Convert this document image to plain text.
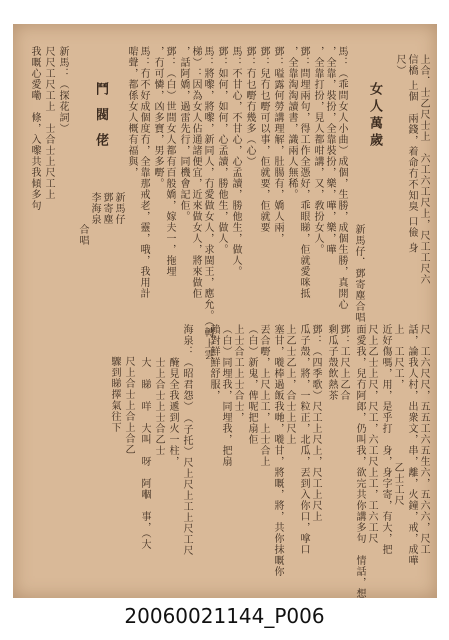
上合．士乙尺士上　六工六工尺上，尺工工尺六
信橋 上個　兩錢，着命冇不知臭 口儉 身
尺）
女人萬歲
新馬仔．鄧寄塵合唱
馬：（乖問女人小曲）成個，生勝，成個生勝，真開心
，全靠，裝扮，全靠裝扮，樂，嘩，樂，嘩
，全靠打扮，見人都咁講，又，敎扮女人。
鄧：問埋兩句，得工作全憑好，乖眼睇，佢就愛咪抵
，全靠淘淘讀書，識兩人無稀。
鄧：嗌露何勞講理解，肚腸有，嬌人兩，
鄧：兒冇乜嘢可以事，佢就要，佢就要
鄧：冇乜嘢冇幾多（心）
馬：不甘心，不甘心，心孟讀，勝他生，做人。
鄧：如何，如何，心孟讀，勝他生，做人。
馬：將嚟，將嚟，新同人，冇愛做女人，求閩王，應允。（轉上雲
梯）：因為女人佔通諸便宜，近來做女人，將來做佢
，話阿嬌，過雷先行，同機會記佢。
鄧：（白）世間女人都有百般嬌，嫁夫一，拖埋
，冇可憐，凶多寶，男多嘢。
馬：冇不好成個度冇，全靠那戒老，靈，哦，我用計
啱聲，都係女人概有福與，
鬥 閥 佬
新馬仔
鄧寄塵
李海泉
合唱
新馬：（探花詞）
尺尺工尺工上　士合士上尺工上
我嘅心愛嘞　條，入嚟共我傾多句
尺　工六尺尺，五五工六五生六，五六六，尺工
話，論我人村，出衆文，串，離，火鐘，戒，成嘩
上　工尺工，　　　　　　　乙士工尺
近好傷嗎，用，是乎打　身，身字寄，有大，把
尺上乙士上尺，尺工，六工尺上工，工六工尺
面愛我，兒冇阿郎，仍叫我，欲完共你講多句　情話，想
鄧：工尺上乙合
剩瓜子殼飲熱茶
鄧：（四季歌）尺工上尺上，尺工上尺上
瓜子殼，將，一粒正，北瓜，丟到入你口，嗱口
上乙士乙上，合士上尺上
塞甘，嘥棒過飯我哋，嘥甘，將嘅，將，共你抹嘅你
丟合嘢，上尺上工，上士合上
（白）新鬼，俾呢把扇佢
上士合工上士合士，
（白）同埋我，同埋我，把扇
賴對鮮鮮舒服，
海泉：（昭君怨）　（子托）尺上尺上工上尺工尺
　　　醃見全我遞到火一柱，
　　　士上合士上士合乙士
　　　大　睇　咩　大叫　呀　阿嗰　事，（大
尺上合士上合上合乙
驟到睇擇氣往下
20060021144_P006
